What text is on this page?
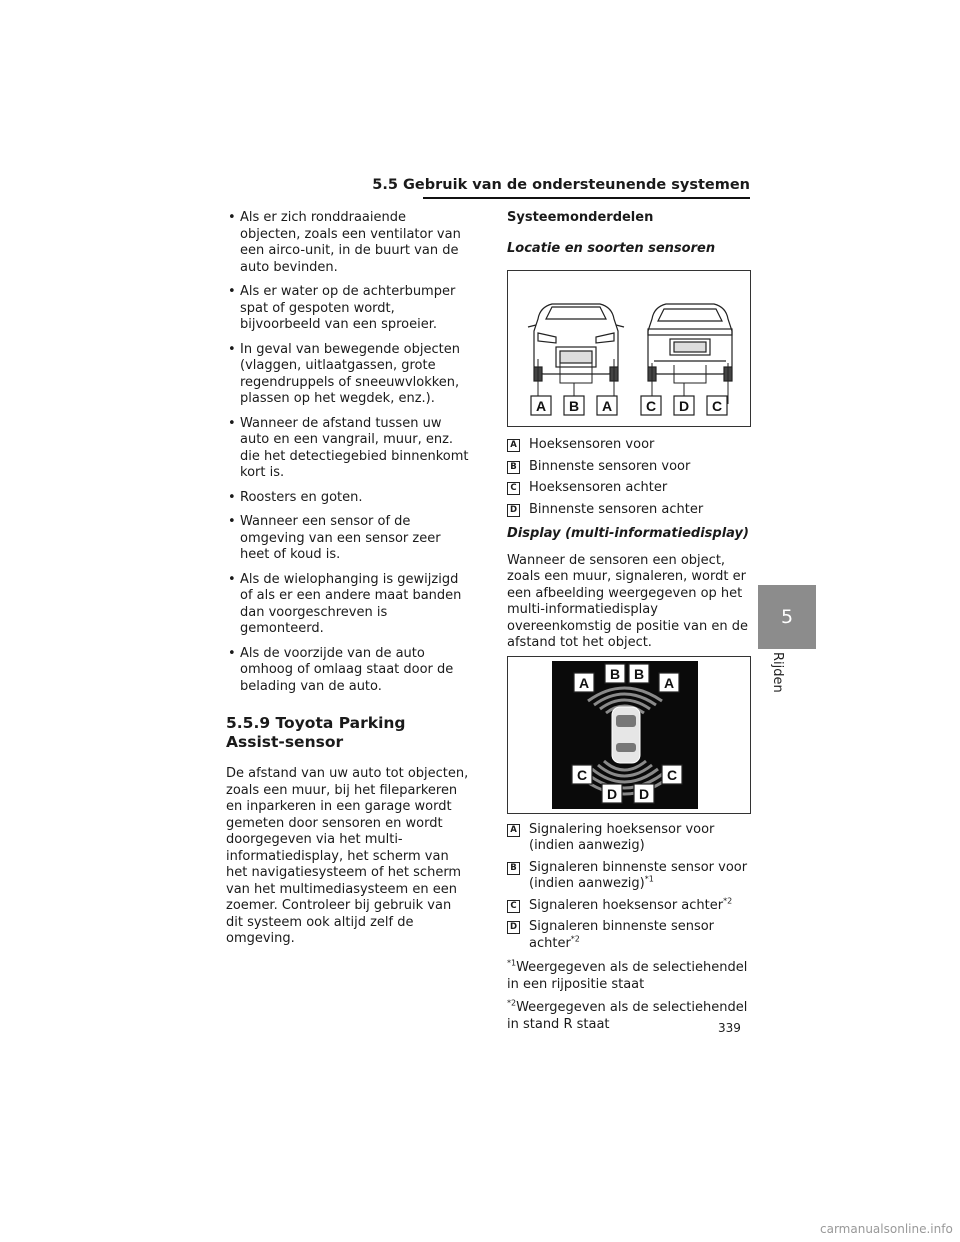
5.5 Gebruik van de ondersteunende systemen
5
Rijden
• Als er zich ronddraaiende objecten, zoals een ventilator van een airco-unit, in de buurt van de auto bevinden.
• Als er water op de achterbumper spat of gespoten wordt, bijvoorbeeld van een sproeier.
• In geval van bewegende objecten (vlaggen, uitlaatgassen, grote regendruppels of sneeuwvlokken, plassen op het wegdek, enz.).
• Wanneer de afstand tussen uw auto en een vangrail, muur, enz. die het detectiegebied binnenkomt kort is.
• Roosters en goten.
• Wanneer een sensor of de omgeving van een sensor zeer heet of koud is.
• Als de wielophanging is gewijzigd of als er een andere maat banden dan voorgeschreven is gemonteerd.
• Als de voorzijde van de auto omhoog of omlaag staat door de belading van de auto.
5.5.9 Toyota Parking
Assist-sensor

De afstand van uw auto tot objecten, zoals een muur, bij het fileparkeren en inparkeren in een garage wordt gemeten door sensoren en wordt doorgegeven via het multi-informatiedisplay, het scherm van het navigatiesysteem of het scherm van het multimediasysteem en een zoemer. Controleer bij gebruik van dit systeem ook altijd zelf de omgeving.

Systeemonderdelen
Locatie en soorten sensoren
A B A C D C
A Hoeksensoren voor
B Binnenste sensoren voor
C Hoeksensoren achter
D Binnenste sensoren achter
Display (multi-informatiedisplay)

Wanneer de sensoren een object, zoals een muur, signaleren, wordt er een afbeelding weergegeven op het multi-informatiedisplay overeenkomstig de positie van en de afstand tot het object.

A
B B
A
C	C
D D
A Signalering hoeksensor voor (indien aanwezig)
B Signaleren binnenste sensor voor (indien aanwezig)$^{*1}$
C Signaleren hoeksensor achter$^{*2}$
D Signaleren binnenste sensor achter$^{*2}$

$^{*1}$Weergegeven als de selectiehendel in een rijpositie staat

$^{*2}$Weergegeven als de selectiehendel in stand R staat	339
carmanualsonline.info
